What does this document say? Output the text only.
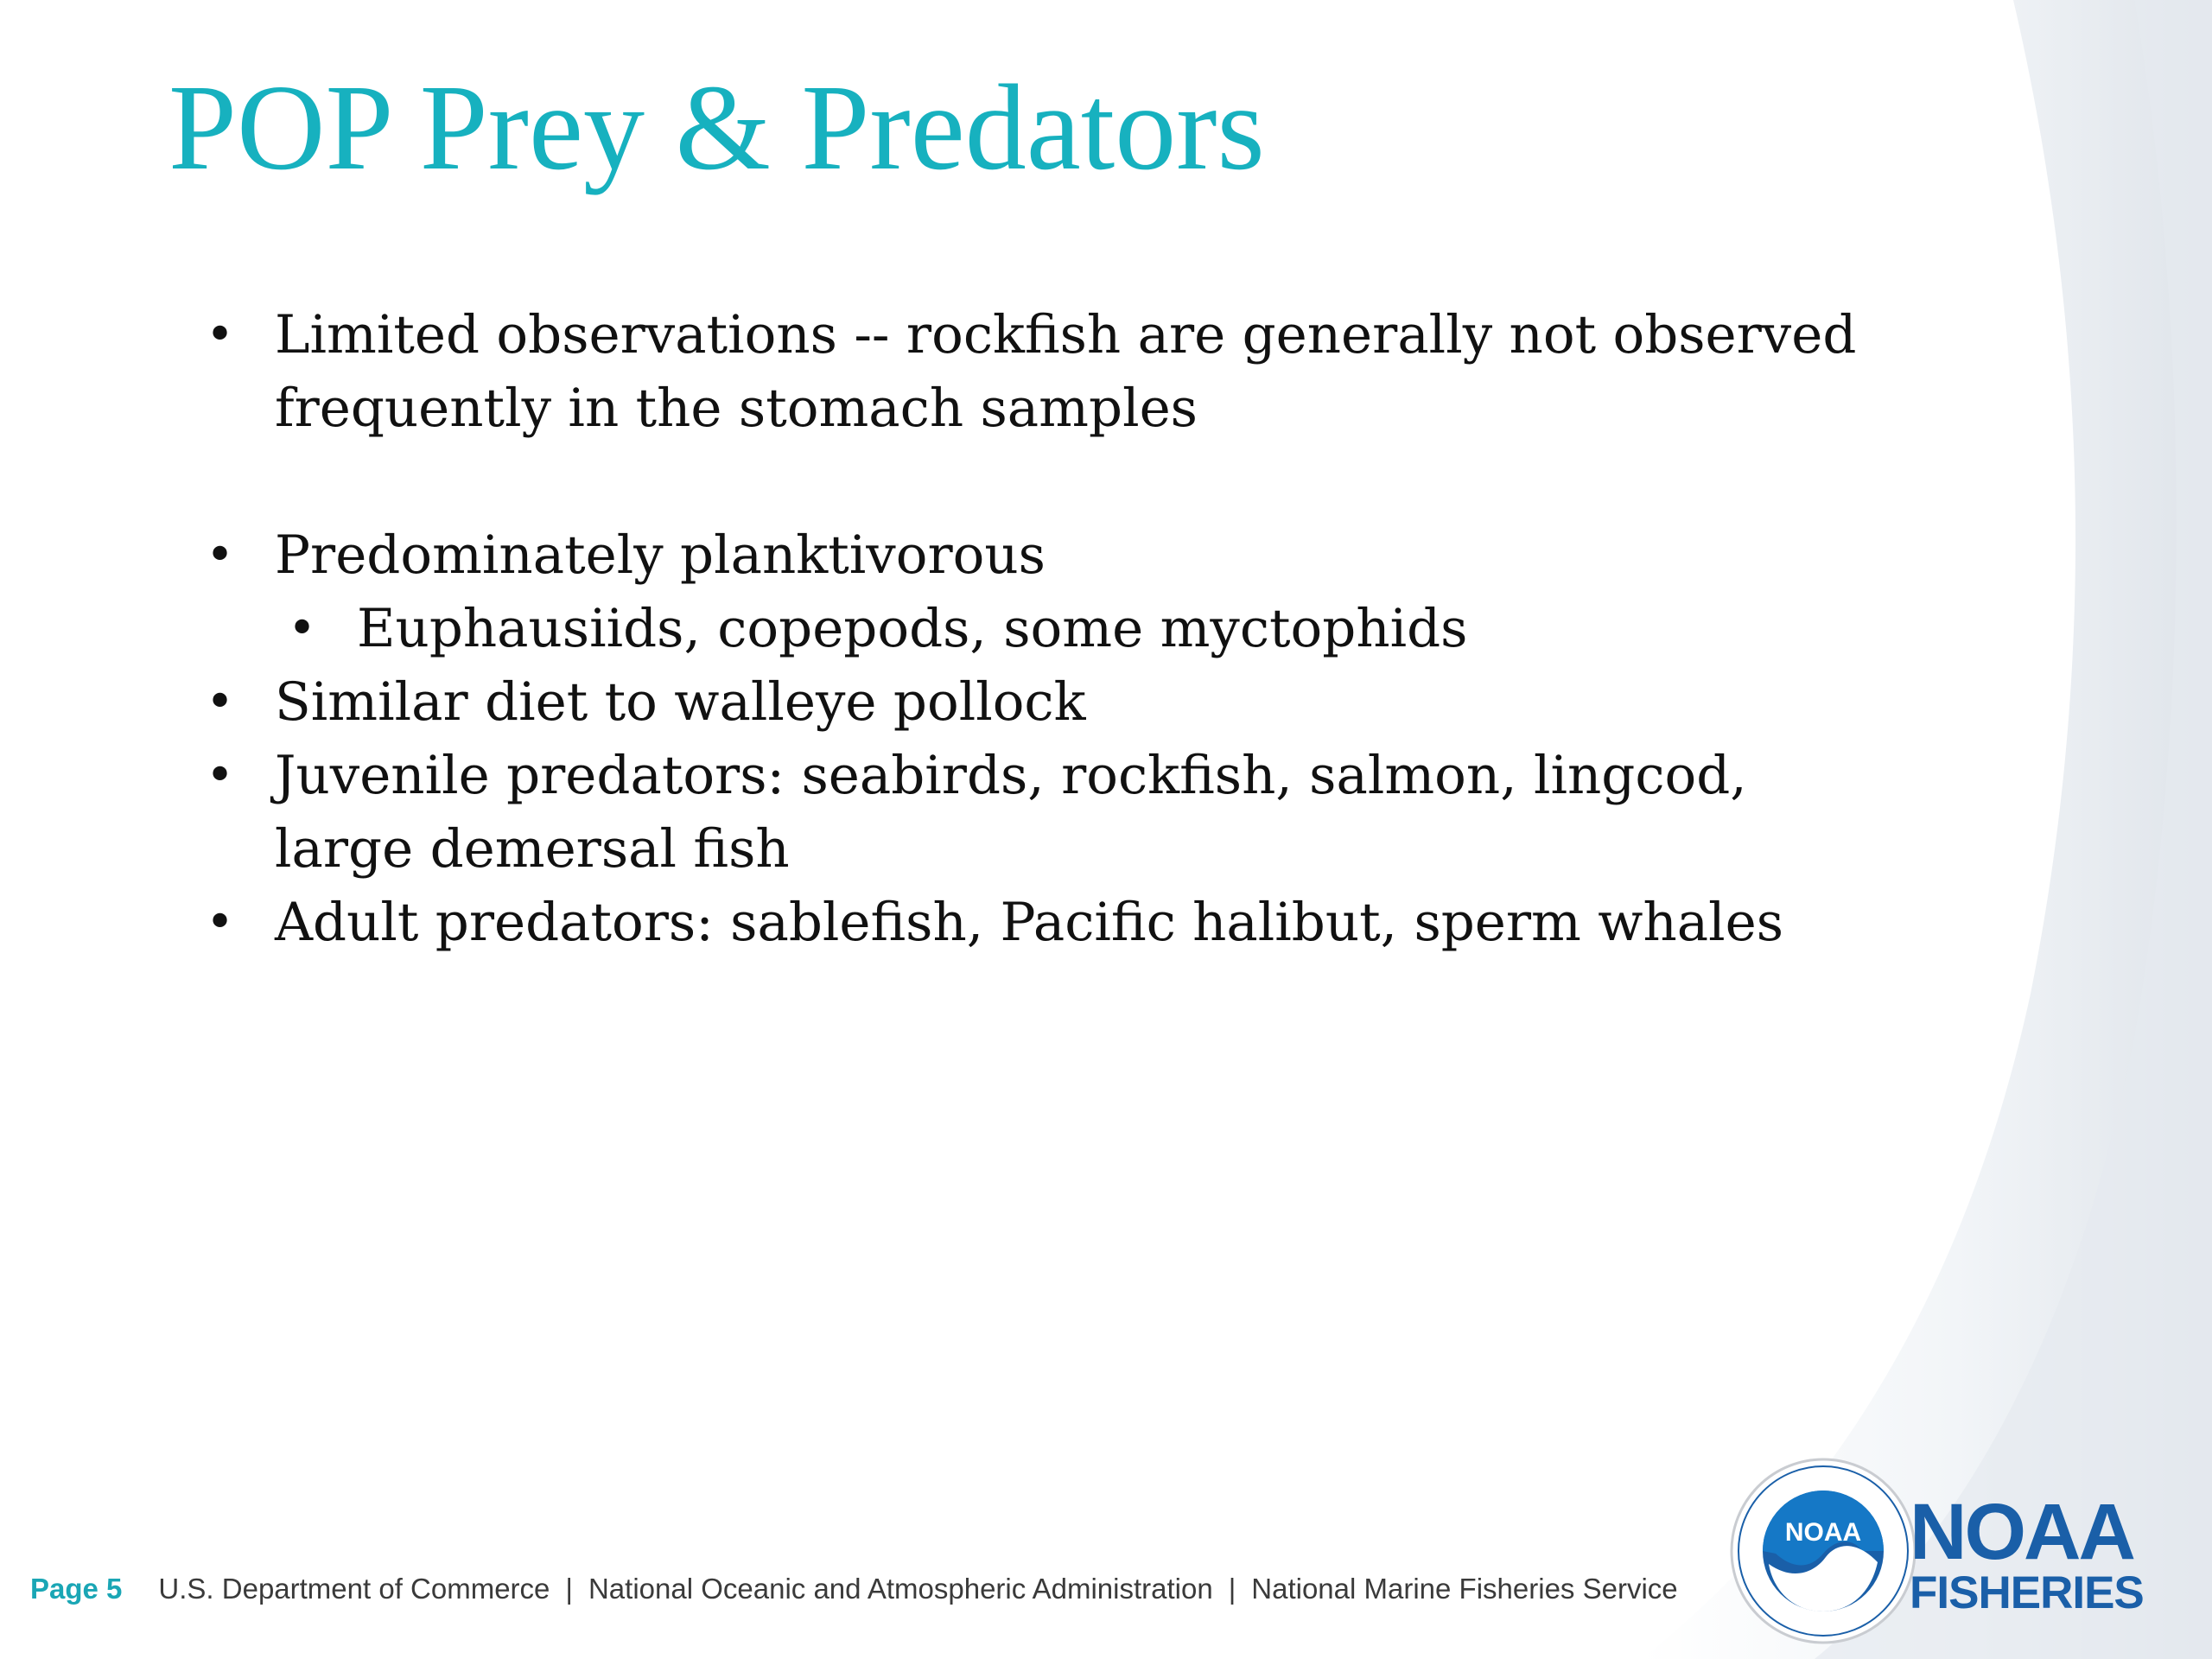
POP Prey & Predators

• Limited observations -- rockfish are generally not observed frequently in the stomach samples

• Predominately planktivorous

• Euphausiids, copepods, some myctophids

• Similar diet to walleye pollock

• Juvenile predators: seabirds, rockfish, salmon, lingcod, large demersal fish

• Adult predators: sablefish, Pacific halibut, sperm whales

Page 5 U.S. Department of Commerce | National Oceanic and Atmospheric Administration | National Marine Fisheries Service
NOAA NOAA
FISHERIES
